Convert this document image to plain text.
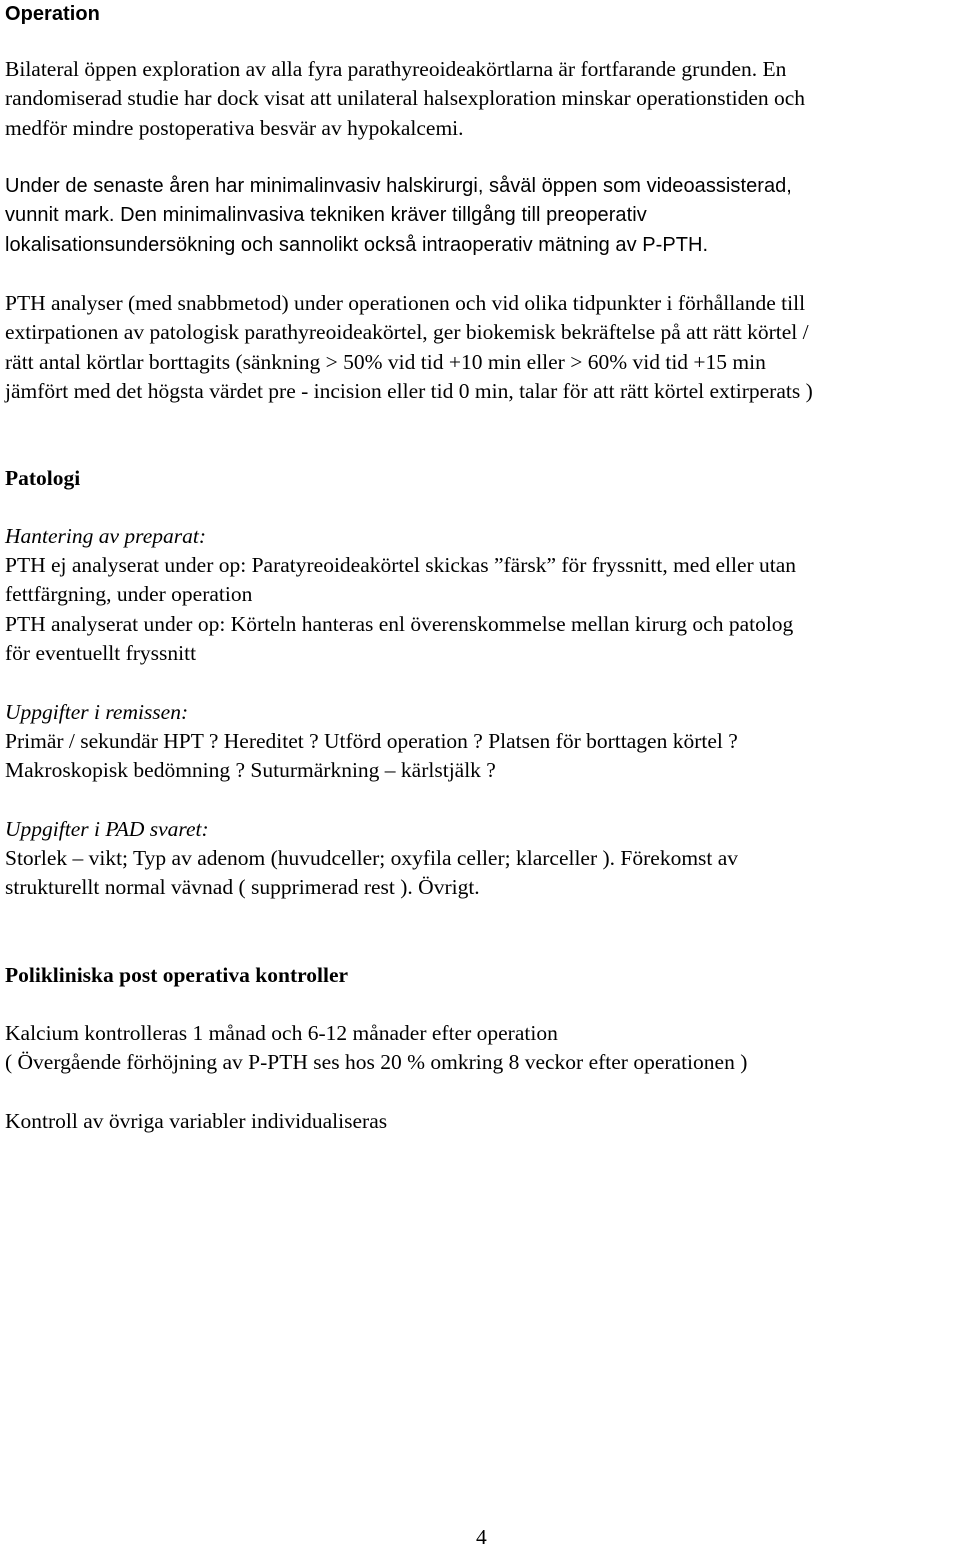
Operation

Bilateral öppen exploration av alla fyra parathyreoideakörtlarna är fortfarande grunden. En
randomiserad studie har dock visat att unilateral halsexploration minskar operationstiden och
medför mindre postoperativa besvär av hypokalcemi.
Under de senaste åren har minimalinvasiv halskirurgi, såväl öppen som videoassisterad,
vunnit mark. Den minimalinvasiva tekniken kräver tillgång till preoperativ
lokalisationsundersökning och sannolikt också intraoperativ mätning av P-PTH.
PTH analyser (med snabbmetod) under operationen och vid olika tidpunkter i förhållande till
extirpationen av patologisk parathyreoideakörtel, ger biokemisk bekräftelse på att rätt körtel /
rätt antal körtlar borttagits (sänkning > 50% vid tid +10 min eller > 60% vid tid +15 min
jämfört med det högsta värdet pre - incision eller tid 0 min, talar för att rätt körtel extirperats )

Patologi

Hantering av preparat:

PTH ej analyserat under op: Paratyreoideakörtel skickas ”färsk” för fryssnitt, med eller utan
fettfärgning, under operation
PTH analyserat under op: Körteln hanteras enl överenskommelse mellan kirurg och patolog
för eventuellt fryssnitt

Uppgifter i remissen:

Primär / sekundär HPT ? Hereditet ? Utförd operation ? Platsen för borttagen körtel ?
Makroskopisk bedömning ? Suturmärkning – kärlstjälk ?

Uppgifter i PAD svaret:

Storlek – vikt; Typ av adenom (huvudceller; oxyfila celler; klarceller ). Förekomst av
strukturellt normal vävnad ( supprimerad rest ). Övrigt.

Polikliniska post operativa kontroller

Kalcium kontrolleras 1 månad och 6-12 månader efter operation
( Övergående förhöjning av P-PTH ses hos 20 % omkring 8 veckor efter operationen )

Kontroll av övriga variabler individualiseras

4
